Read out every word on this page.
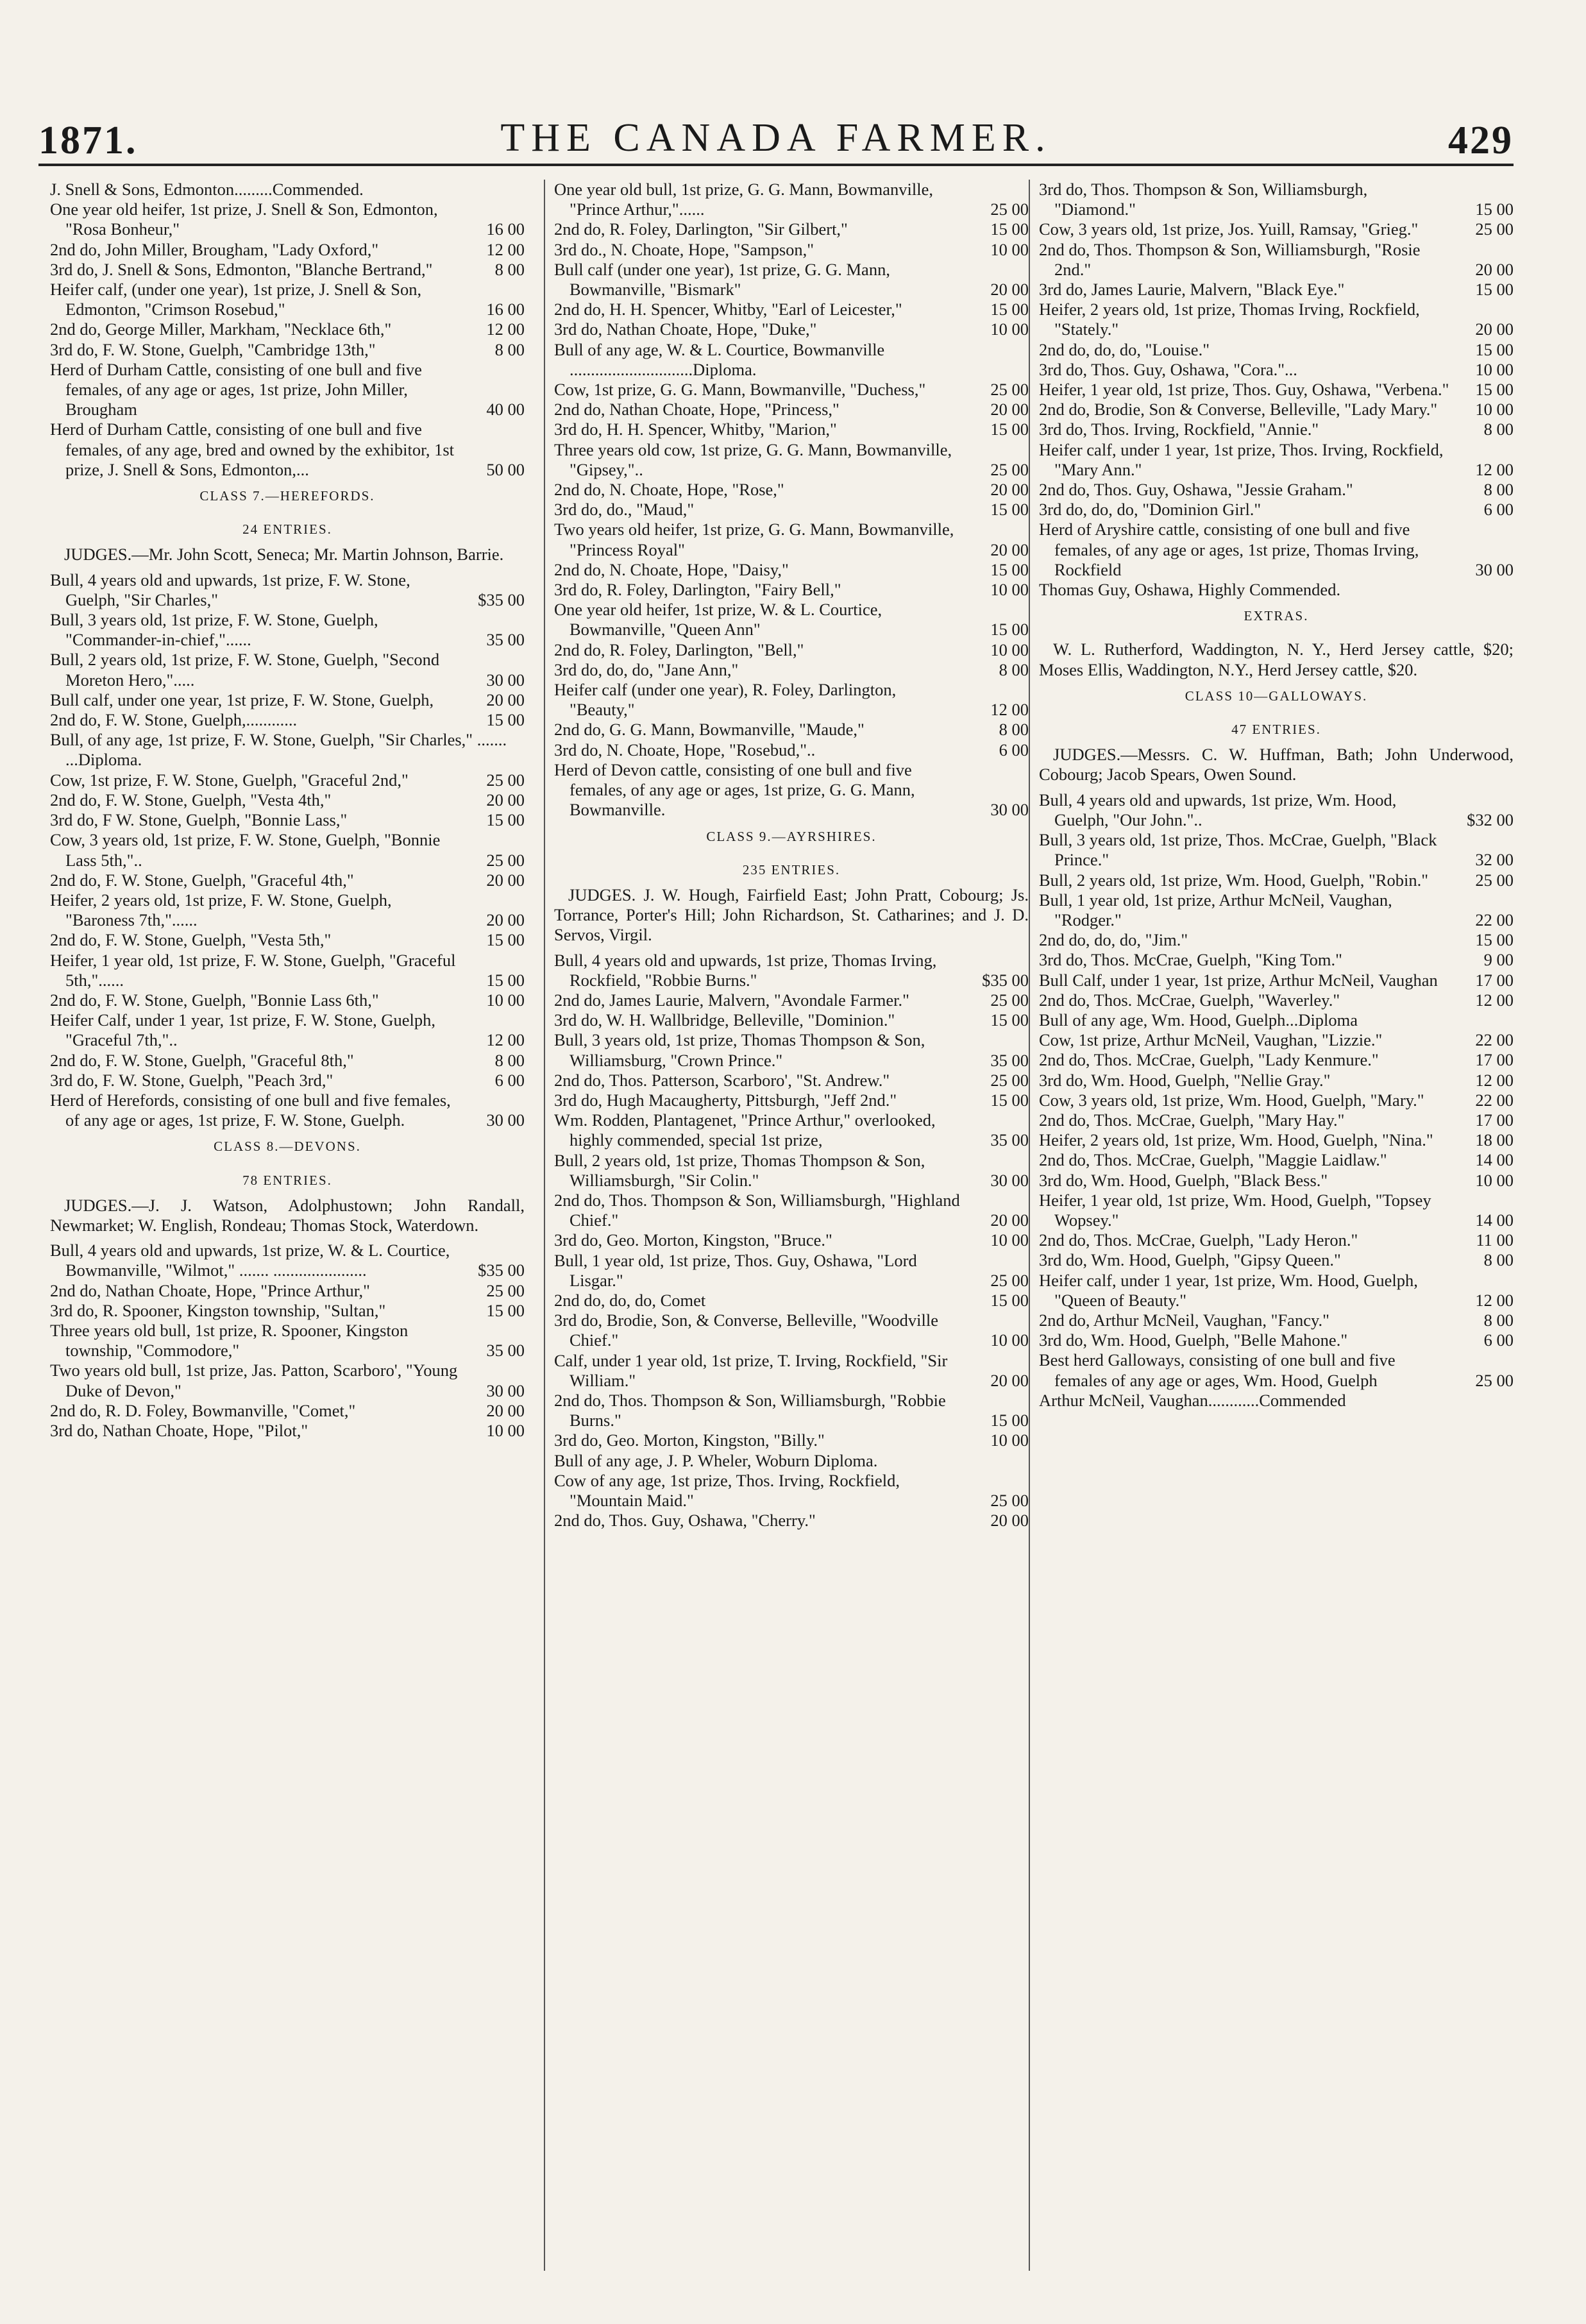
1871.	THE CANADA FARMER.	429

J. Snell & Sons, Edmonton.........Commended.

One year old heifer, 1st prize, J. Snell & Son, Edmonton, "Rosa Bonheur,"	16 00

2nd do, John Miller, Brougham, "Lady Oxford,"	12 00

3rd do, J. Snell & Sons, Edmonton, "Blanche Bertrand,"	8 00

Heifer calf, (under one year), 1st prize, J. Snell & Son, Edmonton, "Crimson Rosebud,"	16 00

2nd do, George Miller, Markham, "Necklace 6th,"	12 00

3rd do, F. W. Stone, Guelph, "Cambridge 13th,"	8 00

Herd of Durham Cattle, consisting of one bull and five females, of any age or ages, 1st prize, John Miller, Brougham	40 00

Herd of Durham Cattle, consisting of one bull and five females, of any age, bred and owned by the exhibitor, 1st prize, J. Snell & Sons, Edmonton,...	50 00

CLASS 7.—HEREFORDS.

24 ENTRIES.

JUDGES.—Mr. John Scott, Seneca; Mr. Martin Johnson, Barrie.

Bull, 4 years old and upwards, 1st prize, F. W. Stone, Guelph, "Sir Charles,"	$35 00

Bull, 3 years old, 1st prize, F. W. Stone, Guelph, "Commander-in-chief,"......	35 00

Bull, 2 years old, 1st prize, F. W. Stone, Guelph, "Second Moreton Hero,".....	30 00

Bull calf, under one year, 1st prize, F. W. Stone, Guelph,	20 00

2nd do, F. W. Stone, Guelph,............	15 00

Bull, of any age, 1st prize, F. W. Stone, Guelph, "Sir Charles," ....... ...Diploma.

Cow, 1st prize, F. W. Stone, Guelph, "Graceful 2nd,"	25 00

2nd do, F. W. Stone, Guelph, "Vesta 4th,"	20 00

3rd do, F W. Stone, Guelph, "Bonnie Lass,"	15 00

Cow, 3 years old, 1st prize, F. W. Stone, Guelph, "Bonnie Lass 5th,"..	25 00

2nd do, F. W. Stone, Guelph, "Graceful 4th,"	20 00

Heifer, 2 years old, 1st prize, F. W. Stone, Guelph, "Baroness 7th,"......	20 00

2nd do, F. W. Stone, Guelph, "Vesta 5th,"	15 00

Heifer, 1 year old, 1st prize, F. W. Stone, Guelph, "Graceful 5th,"......	15 00

2nd do, F. W. Stone, Guelph, "Bonnie Lass 6th,"	10 00

Heifer Calf, under 1 year, 1st prize, F. W. Stone, Guelph, "Graceful 7th,"..	12 00

2nd do, F. W. Stone, Guelph, "Graceful 8th,"	8 00

3rd do, F. W. Stone, Guelph, "Peach 3rd,"	6 00

Herd of Herefords, consisting of one bull and five females, of any age or ages, 1st prize, F. W. Stone, Guelph.	30 00

CLASS 8.—DEVONS.

78 ENTRIES.

JUDGES.—J. J. Watson, Adolphustown; John Randall, Newmarket; W. English, Rondeau; Thomas Stock, Waterdown.

Bull, 4 years old and upwards, 1st prize, W. & L. Courtice, Bowmanville, "Wilmot," ....... ......................	$35 00

2nd do, Nathan Choate, Hope, "Prince Arthur,"	25 00

3rd do, R. Spooner, Kingston township, "Sultan,"	15 00

Three years old bull, 1st prize, R. Spooner, Kingston township, "Commodore,"	35 00

Two years old bull, 1st prize, Jas. Patton, Scarboro', "Young Duke of Devon,"	30 00

2nd do, R. D. Foley, Bowmanville, "Comet,"	20 00

3rd do, Nathan Choate, Hope, "Pilot,"	10 00

One year old bull, 1st prize, G. G. Mann, Bowmanville, "Prince Arthur,"......	25 00

2nd do, R. Foley, Darlington, "Sir Gilbert,"	15 00

3rd do., N. Choate, Hope, "Sampson,"	10 00

Bull calf (under one year), 1st prize, G. G. Mann, Bowmanville, "Bismark"	20 00

2nd do, H. H. Spencer, Whitby, "Earl of Leicester,"	15 00

3rd do, Nathan Choate, Hope, "Duke,"	10 00

Bull of any age, W. & L. Courtice, Bowmanville .............................Diploma.

Cow, 1st prize, G. G. Mann, Bowmanville, "Duchess,"	25 00

2nd do, Nathan Choate, Hope, "Princess,"	20 00

3rd do, H. H. Spencer, Whitby, "Marion,"	15 00

Three years old cow, 1st prize, G. G. Mann, Bowmanville, "Gipsey,"..	25 00

2nd do, N. Choate, Hope, "Rose,"	20 00

3rd do, do., "Maud,"	15 00

Two years old heifer, 1st prize, G. G. Mann, Bowmanville, "Princess Royal"	20 00

2nd do, N. Choate, Hope, "Daisy,"	15 00

3rd do, R. Foley, Darlington, "Fairy Bell,"	10 00

One year old heifer, 1st prize, W. & L. Courtice, Bowmanville, "Queen Ann"	15 00

2nd do, R. Foley, Darlington, "Bell,"	10 00

3rd do, do, do, "Jane Ann,"	8 00

Heifer calf (under one year), R. Foley, Darlington, "Beauty,"	12 00

2nd do, G. G. Mann, Bowmanville, "Maude,"	8 00

3rd do, N. Choate, Hope, "Rosebud,"..	6 00

Herd of Devon cattle, consisting of one bull and five females, of any age or ages, 1st prize, G. G. Mann, Bowmanville.	30 00

CLASS 9.—AYRSHIRES.

235 ENTRIES.

JUDGES. J. W. Hough, Fairfield East; John Pratt, Cobourg; Js. Torrance, Porter's Hill; John Richardson, St. Catharines; and J. D. Servos, Virgil.

Bull, 4 years old and upwards, 1st prize, Thomas Irving, Rockfield, "Robbie Burns."	$35 00

2nd do, James Laurie, Malvern, "Avondale Farmer."	25 00

3rd do, W. H. Wallbridge, Belleville, "Dominion."	15 00

Bull, 3 years old, 1st prize, Thomas Thompson & Son, Williamsburg, "Crown Prince."	35 00

2nd do, Thos. Patterson, Scarboro', "St. Andrew."	25 00

3rd do, Hugh Macaugherty, Pittsburgh, "Jeff 2nd."	15 00

Wm. Rodden, Plantagenet, "Prince Arthur," overlooked, highly commended, special 1st prize,	35 00

Bull, 2 years old, 1st prize, Thomas Thompson & Son, Williamsburgh, "Sir Colin."	30 00

2nd do, Thos. Thompson & Son, Williamsburgh, "Highland Chief."	20 00

3rd do, Geo. Morton, Kingston, "Bruce."	10 00

Bull, 1 year old, 1st prize, Thos. Guy, Oshawa, "Lord Lisgar."	25 00

2nd do, do, do, Comet	15 00

3rd do, Brodie, Son, & Converse, Belleville, "Woodville Chief."	10 00

Calf, under 1 year old, 1st prize, T. Irving, Rockfield, "Sir William."	20 00

2nd do, Thos. Thompson & Son, Williamsburgh, "Robbie Burns."	15 00

3rd do, Geo. Morton, Kingston, "Billy."	10 00

Bull of any age, J. P. Wheler, Woburn Diploma.

Cow of any age, 1st prize, Thos. Irving, Rockfield, "Mountain Maid."	25 00

2nd do, Thos. Guy, Oshawa, "Cherry."	20 00

3rd do, Thos. Thompson & Son, Williamsburgh, "Diamond."	15 00

Cow, 3 years old, 1st prize, Jos. Yuill, Ramsay, "Grieg."	25 00

2nd do, Thos. Thompson & Son, Williamsburgh, "Rosie 2nd."	20 00

3rd do, James Laurie, Malvern, "Black Eye."	15 00

Heifer, 2 years old, 1st prize, Thomas Irving, Rockfield, "Stately."	20 00

2nd do, do, do, "Louise."	15 00

3rd do, Thos. Guy, Oshawa, "Cora."...	10 00

Heifer, 1 year old, 1st prize, Thos. Guy, Oshawa, "Verbena." 15 00

2nd do, Brodie, Son & Converse, Belleville, "Lady Mary." 10 00

3rd do, Thos. Irving, Rockfield, "Annie."	8 00

Heifer calf, under 1 year, 1st prize, Thos. Irving, Rockfield, "Mary Ann."	12 00

2nd do, Thos. Guy, Oshawa, "Jessie Graham."	8 00

3rd do, do, do, "Dominion Girl."	6 00

Herd of Aryshire cattle, consisting of one bull and five females, of any age or ages, 1st prize, Thomas Irving, Rockfield	30 00

Thomas Guy, Oshawa, Highly Commended.

EXTRAS.

W. L. Rutherford, Waddington, N. Y., Herd Jersey cattle, $20; Moses Ellis, Waddington, N.Y., Herd Jersey cattle, $20.

CLASS 10—GALLOWAYS.

47 ENTRIES.

JUDGES.—Messrs. C. W. Huffman, Bath; John Underwood, Cobourg; Jacob Spears, Owen Sound.

Bull, 4 years old and upwards, 1st prize, Wm. Hood, Guelph, "Our John."..	$32 00

Bull, 3 years old, 1st prize, Thos. McCrae, Guelph, "Black Prince."	32 00

Bull, 2 years old, 1st prize, Wm. Hood, Guelph, "Robin."	25 00

Bull, 1 year old, 1st prize, Arthur McNeil, Vaughan, "Rodger."	22 00

2nd do, do, do, "Jim."	15 00

3rd do, Thos. McCrae, Guelph, "King Tom."	9 00

Bull Calf, under 1 year, 1st prize, Arthur McNeil, Vaughan 17 00

2nd do, Thos. McCrae, Guelph, "Waverley."	12 00

Bull of any age, Wm. Hood, Guelph...Diploma

Cow, 1st prize, Arthur McNeil, Vaughan, "Lizzie."	22 00

2nd do, Thos. McCrae, Guelph, "Lady Kenmure."	17 00

3rd do, Wm. Hood, Guelph, "Nellie Gray."	12 00

Cow, 3 years old, 1st prize, Wm. Hood, Guelph, "Mary."	22 00

2nd do, Thos. McCrae, Guelph, "Mary Hay."	17 00

Heifer, 2 years old, 1st prize, Wm. Hood, Guelph, "Nina." 18 00

2nd do, Thos. McCrae, Guelph, "Maggie Laidlaw."	14 00

3rd do, Wm. Hood, Guelph, "Black Bess."	10 00

Heifer, 1 year old, 1st prize, Wm. Hood, Guelph, "Topsey Wopsey."	14 00

2nd do, Thos. McCrae, Guelph, "Lady Heron."	11 00

3rd do, Wm. Hood, Guelph, "Gipsy Queen."	8 00

Heifer calf, under 1 year, 1st prize, Wm. Hood, Guelph, "Queen of Beauty."	12 00

2nd do, Arthur McNeil, Vaughan, "Fancy."	8 00

3rd do, Wm. Hood, Guelph, "Belle Mahone."	6 00

Best herd Galloways, consisting of one bull and five females of any age or ages, Wm. Hood, Guelph	25 00

Arthur McNeil, Vaughan............Commended
